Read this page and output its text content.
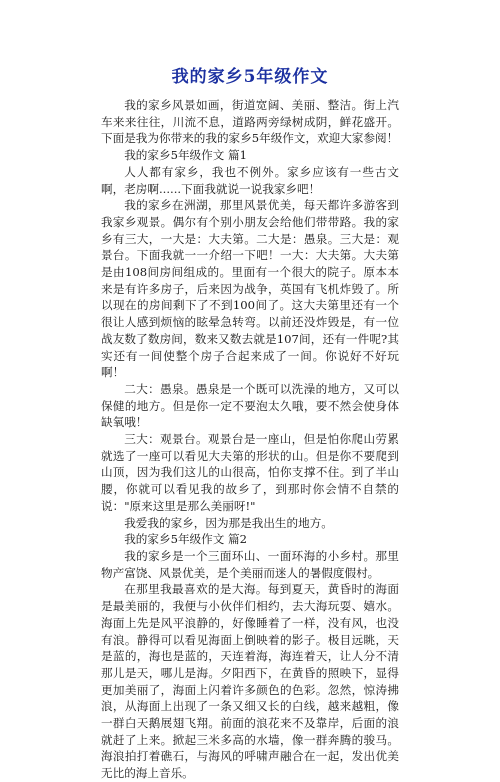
我的家乡5年级作文

我的家乡风景如画，街道宽阔、美丽、整洁。街上汽车来来往往，川流不息，道路两旁绿树成阴，鲜花盛开。下面是我为你带来的我的家乡5年级作文，欢迎大家参阅！

我的家乡5年级作文 篇1

人人都有家乡，我也不例外。家乡应该有一些古文啊，老房啊......下面我就说一说我家乡吧！

我的家乡在洲湖，那里风景优美，每天都许多游客到我家乡观景。偶尔有个别小朋友会给他们带带路。我的家乡有三大，一大是：大夫第。二大是：愚泉。三大是：观景台。下面我就一一介绍一下吧！一大：大夫第。大夫第是由108间房间组成的。里面有一个很大的院子。原本本来是有许多房子，后来因为战争，英国有飞机炸毁了。所以现在的房间剩下了不到100间了。这大夫第里还有一个很让人感到烦恼的眩晕急转弯。以前还没炸毁是，有一位战友数了数房间，数来又数去就是107间，还有一件呢?其实还有一间使整个房子合起来成了一间。你说好不好玩啊！

二大：愚泉。愚泉是一个既可以洗澡的地方，又可以保健的地方。但是你一定不要泡太久哦，要不然会使身体缺氧哦！

三大：观景台。观景台是一座山，但是怕你爬山劳累就选了一座可以看见大夫第的形状的山。但是你不要爬到山顶，因为我们这儿的山很高，怕你支撑不住。到了半山腰，你就可以看见我的故乡了，到那时你会情不自禁的说："原来这里是那么美丽呀!"

我爱我的家乡，因为那是我出生的地方。

我的家乡5年级作文 篇2

我的家乡是一个三面环山、一面环海的小乡村。那里物产富饶、风景优美，是个美丽而迷人的暑假度假村。

在那里我最喜欢的是大海。每到夏天，黄昏时的海面是最美丽的，我便与小伙伴们相约，去大海玩耍、嬉水。海面上先是风平浪静的，好像睡着了一样，没有风，也没有浪。静得可以看见海面上倒映着的影子。极目远眺，天是蓝的，海也是蓝的，天连着海，海连着天，让人分不清那儿是天，哪儿是海。夕阳西下，在黄昏的照映下，显得更加美丽了，海面上闪着许多颜色的色彩。忽然，惊涛拂浪，从海面上出现了一条又细又长的白线，越来越粗，像一群白天鹅展翅飞翔。前面的浪花来不及靠岸，后面的浪就赶了上来。掀起三米多高的水墙，像一群奔腾的骏马。海浪拍打着礁石，与海风的呼啸声融合在一起，发出优美无比的海上音乐。
